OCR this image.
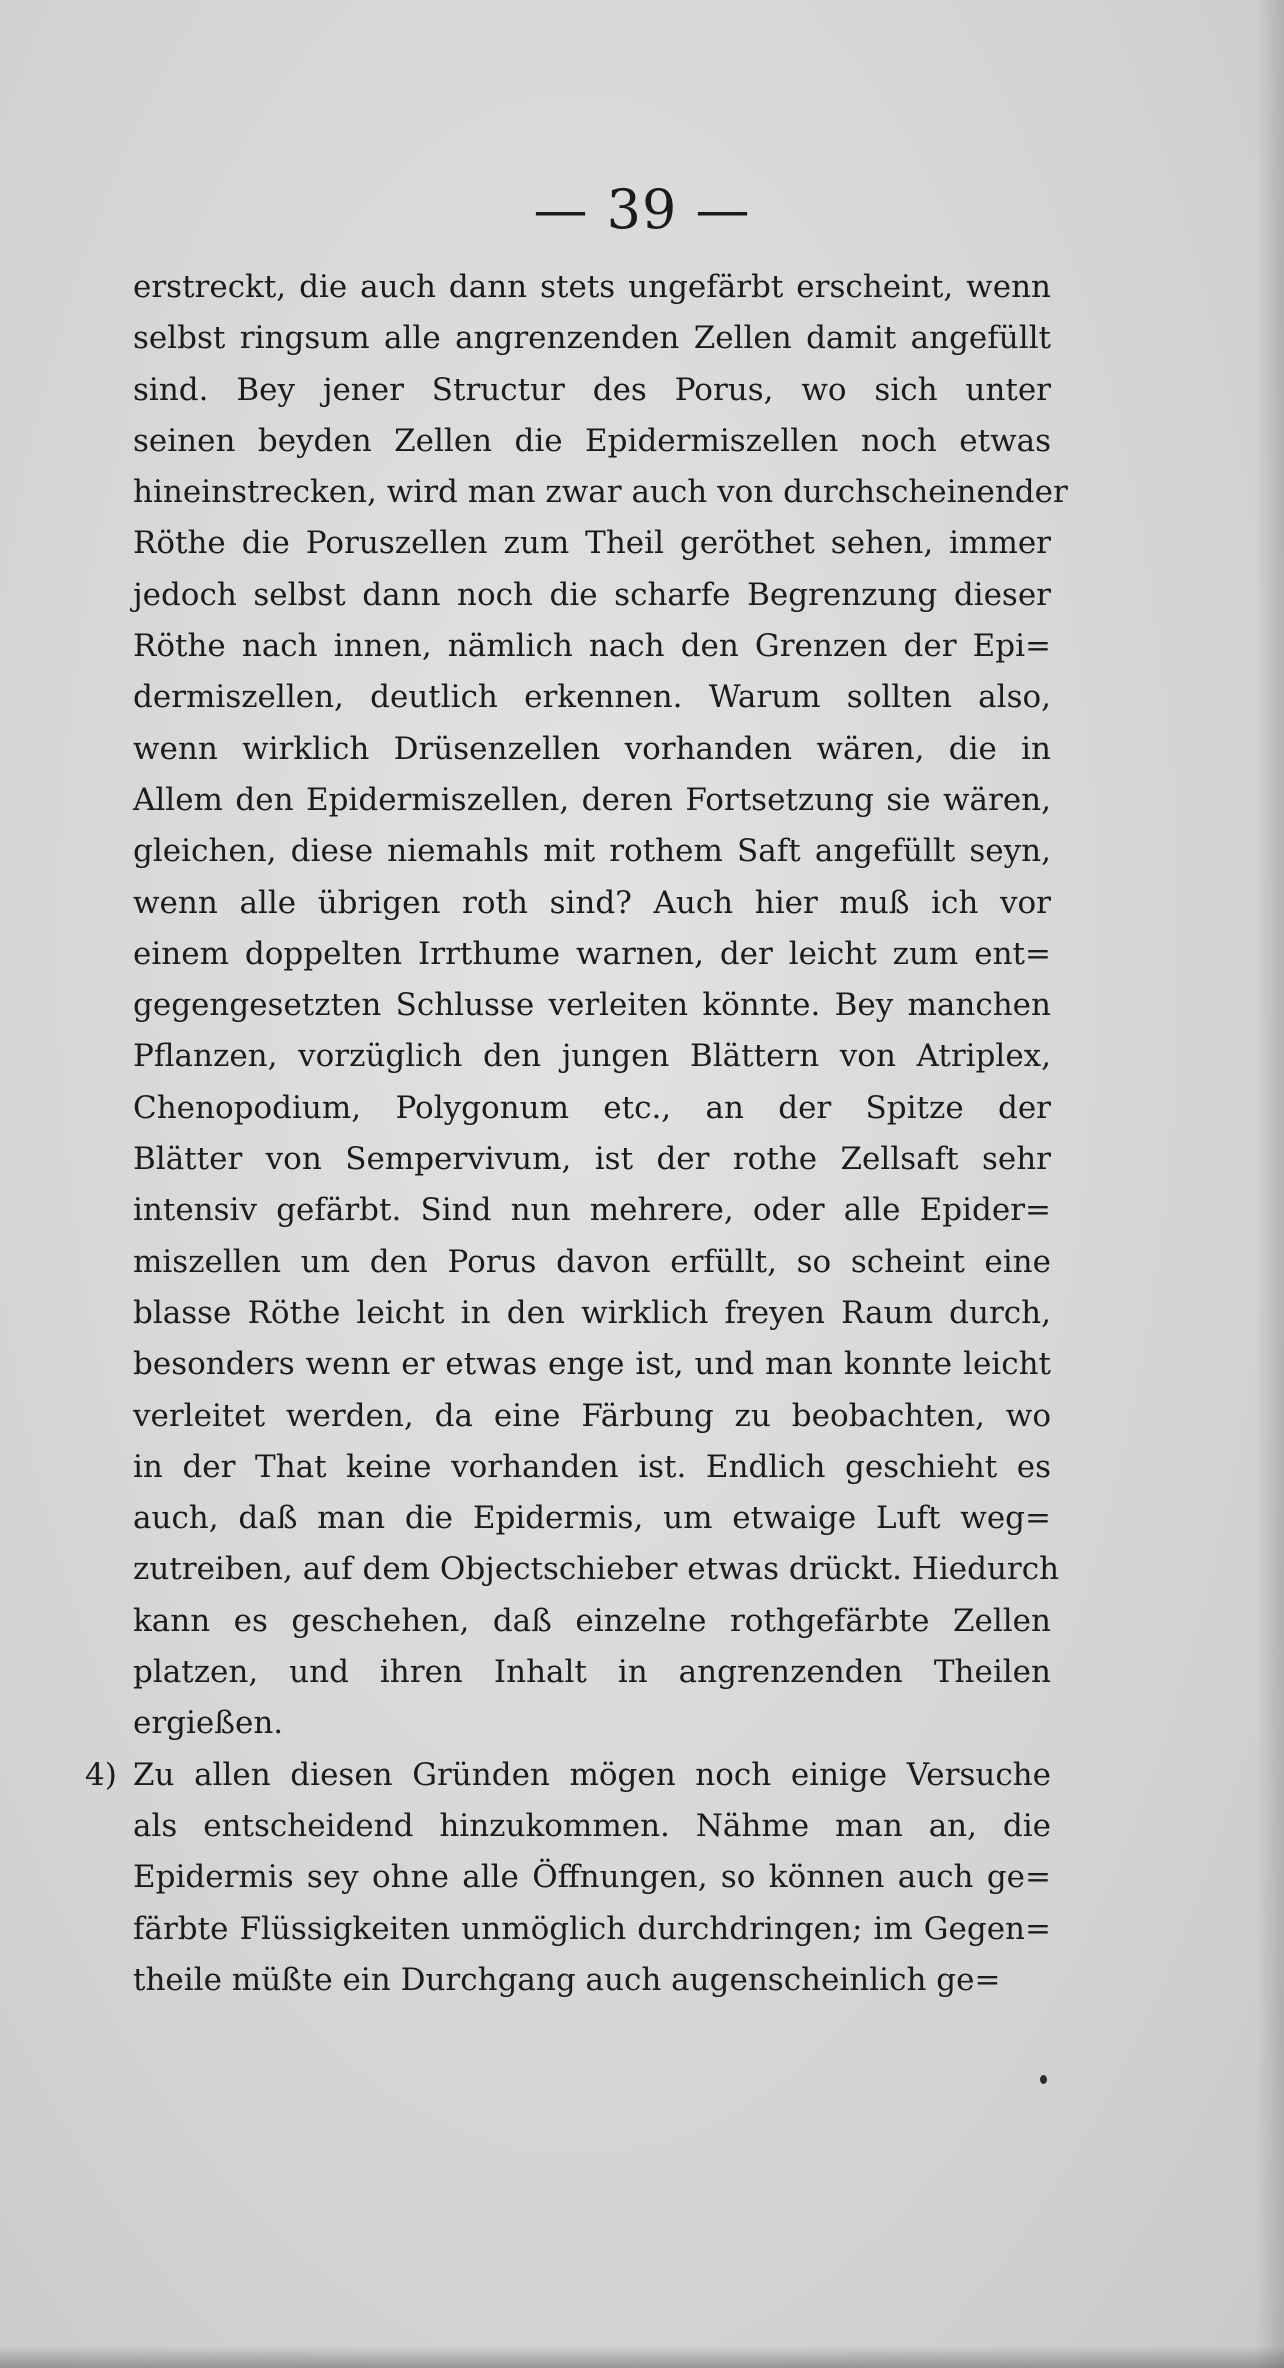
— 39 —
erstreckt, die auch dann stets ungefärbt erscheint, wenn
selbst ringsum alle angrenzenden Zellen damit angefüllt
sind. Bey jener Structur des Porus, wo sich unter
seinen beyden Zellen die Epidermiszellen noch etwas
hineinstrecken, wird man zwar auch von durchscheinender
Röthe die Poruszellen zum Theil geröthet sehen, immer
jedoch selbst dann noch die scharfe Begrenzung dieser
Röthe nach innen, nämlich nach den Grenzen der Epi=
dermiszellen, deutlich erkennen. Warum sollten also,
wenn wirklich Drüsenzellen vorhanden wären, die in
Allem den Epidermiszellen, deren Fortsetzung sie wären,
gleichen, diese niemahls mit rothem Saft angefüllt seyn,
wenn alle übrigen roth sind? Auch hier muß ich vor
einem doppelten Irrthume warnen, der leicht zum ent=
gegengesetzten Schlusse verleiten könnte. Bey manchen
Pflanzen, vorzüglich den jungen Blättern von Atriplex,
Chenopodium, Polygonum etc., an der Spitze der
Blätter von Sempervivum, ist der rothe Zellsaft sehr
intensiv gefärbt. Sind nun mehrere, oder alle Epider=
miszellen um den Porus davon erfüllt, so scheint eine
blasse Röthe leicht in den wirklich freyen Raum durch,
besonders wenn er etwas enge ist, und man konnte leicht
verleitet werden, da eine Färbung zu beobachten, wo
in der That keine vorhanden ist. Endlich geschieht es
auch, daß man die Epidermis, um etwaige Luft weg=
zutreiben, auf dem Objectschieber etwas drückt. Hiedurch
kann es geschehen, daß einzelne rothgefärbte Zellen
platzen, und ihren Inhalt in angrenzenden Theilen
ergießen.
4) Zu allen diesen Gründen mögen noch einige Versuche
als entscheidend hinzukommen. Nähme man an, die
Epidermis sey ohne alle Öffnungen, so können auch ge=
färbte Flüssigkeiten unmöglich durchdringen; im Gegen=
theile müßte ein Durchgang auch augenscheinlich ge=
